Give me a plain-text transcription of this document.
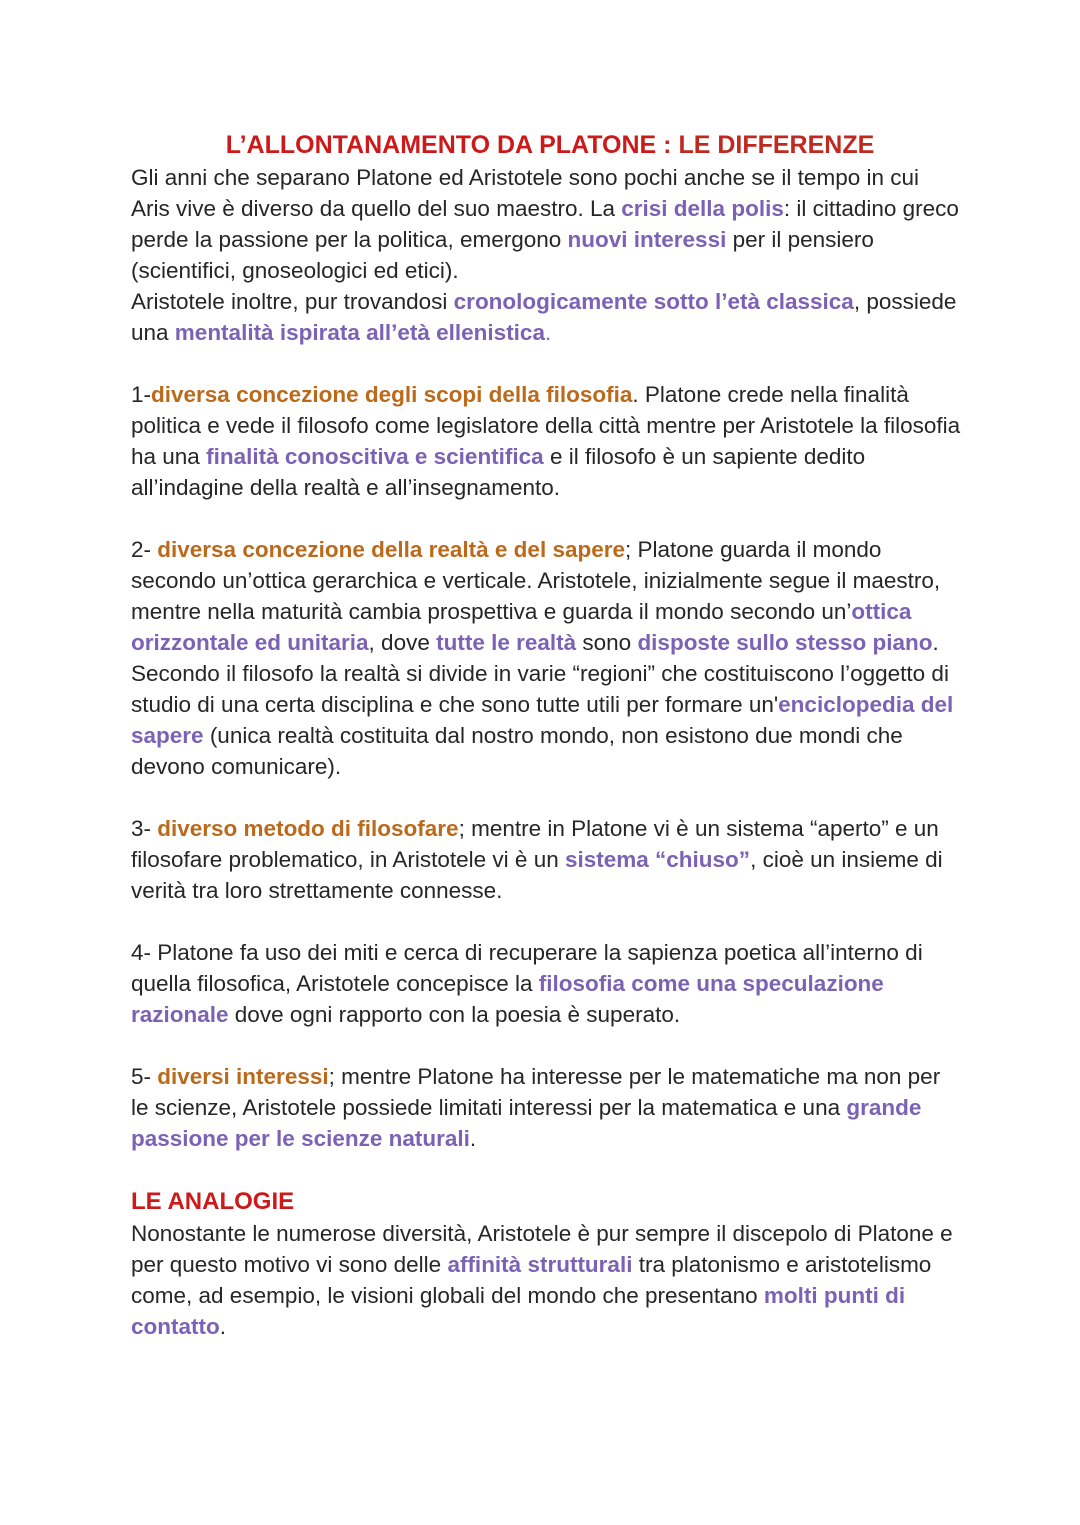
L’ALLONTANAMENTO DA PLATONE : LE DIFFERENZE

Gli anni che separano Platone ed Aristotele sono pochi anche se il tempo in cui Aris vive è diverso da quello del suo maestro. La crisi della polis: il cittadino greco perde la passione per la politica, emergono nuovi interessi per il pensiero (scientifici, gnoseologici ed etici).
Aristotele inoltre, pur trovandosi cronologicamente sotto l’età classica, possiede una mentalità ispirata all’età ellenistica.

1-diversa concezione degli scopi della filosofia. Platone crede nella finalità politica e vede il filosofo come legislatore della città mentre per Aristotele la filosofia ha una finalità conoscitiva e scientifica e il filosofo è un sapiente dedito all’indagine della realtà e all’insegnamento.

2- diversa concezione della realtà e del sapere; Platone guarda il mondo secondo un’ottica gerarchica e verticale. Aristotele, inizialmente segue il maestro, mentre nella maturità cambia prospettiva e guarda il mondo secondo un’ottica orizzontale ed unitaria, dove tutte le realtà sono disposte sullo stesso piano. Secondo il filosofo la realtà si divide in varie “regioni” che costituiscono l’oggetto di studio di una certa disciplina e che sono tutte utili per formare un'enciclopedia del sapere (unica realtà costituita dal nostro mondo, non esistono due mondi che devono comunicare).

3- diverso metodo di filosofare; mentre in Platone vi è un sistema “aperto” e un filosofare problematico, in Aristotele vi è un sistema “chiuso”, cioè un insieme di verità tra loro strettamente connesse.

4- Platone fa uso dei miti e cerca di recuperare la sapienza poetica all’interno di quella filosofica, Aristotele concepisce la filosofia come una speculazione razionale dove ogni rapporto con la poesia è superato.

5- diversi interessi; mentre Platone ha interesse per le matematiche ma non per le scienze, Aristotele possiede limitati interessi per la matematica e una grande passione per le scienze naturali.

LE ANALOGIE

Nonostante le numerose diversità, Aristotele è pur sempre il discepolo di Platone e per questo motivo vi sono delle affinità strutturali tra platonismo e aristotelismo come, ad esempio, le visioni globali del mondo che presentano molti punti di contatto.
